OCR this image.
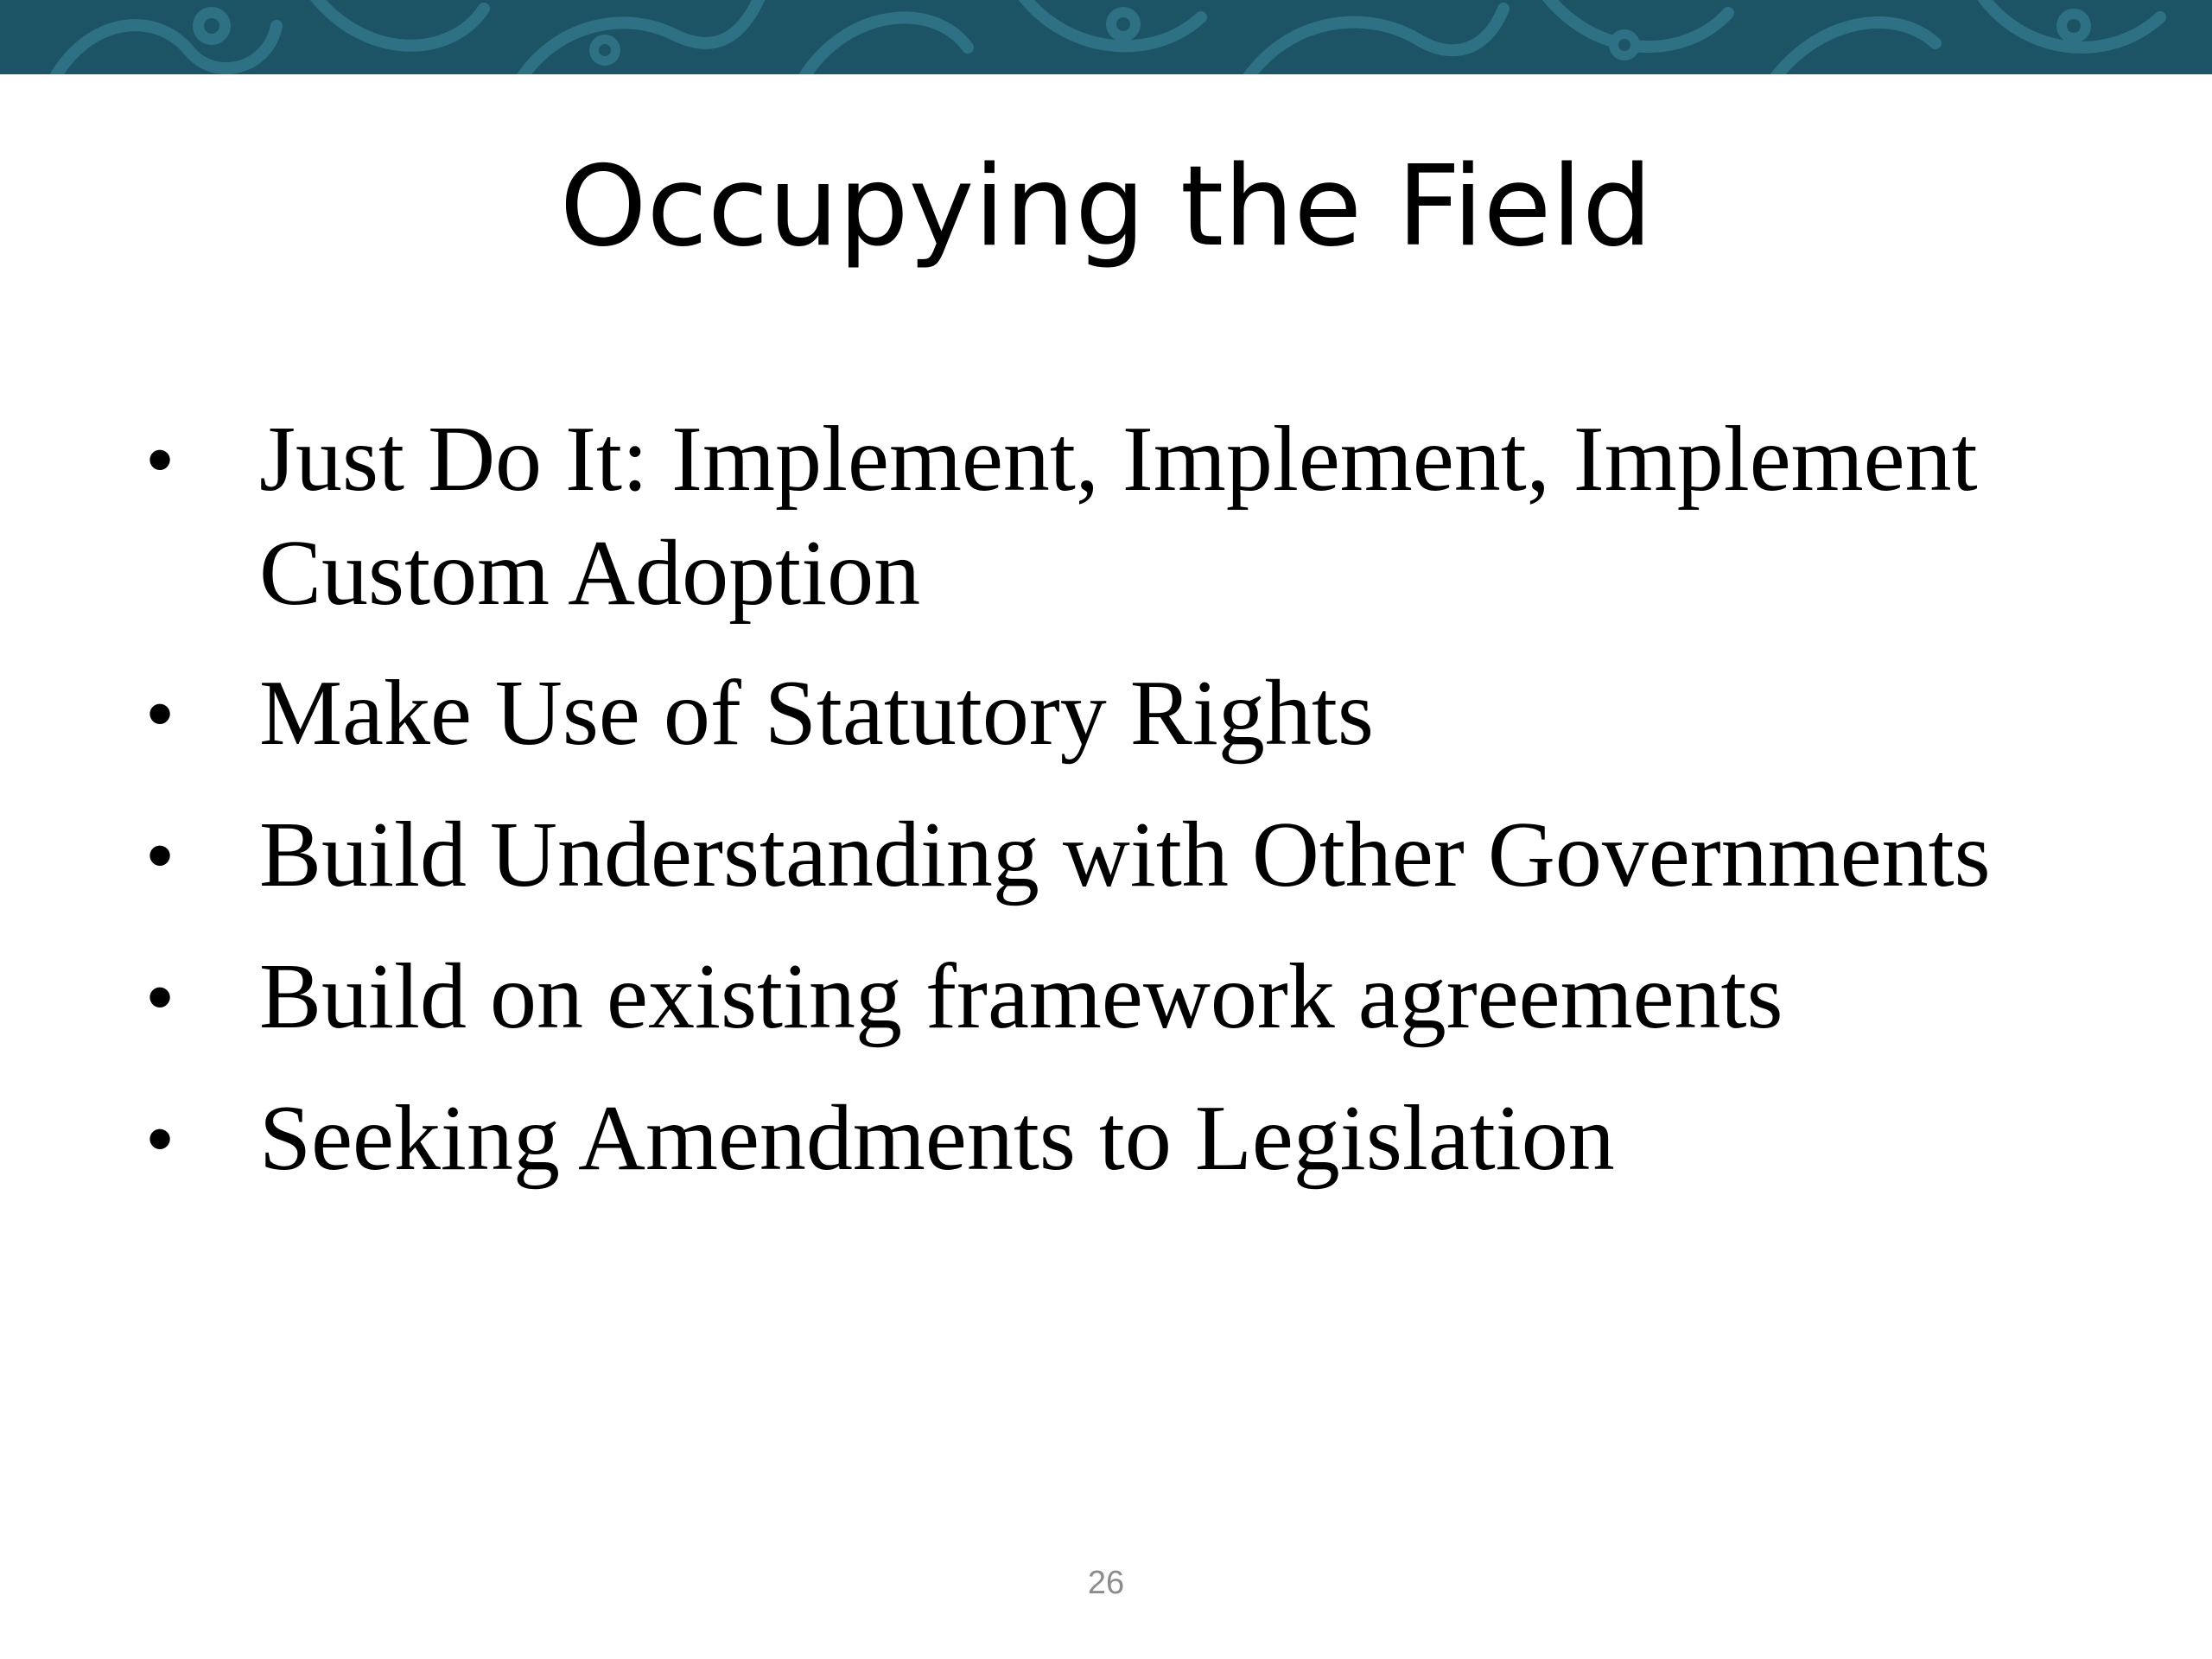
Occupying the Field
• Just Do It: Implement, Implement, Implement
Custom Adoption
• Make Use of Statutory Rights
• Build Understanding with Other Governments
• Build on existing framework agreements
• Seeking Amendments to Legislation
26
